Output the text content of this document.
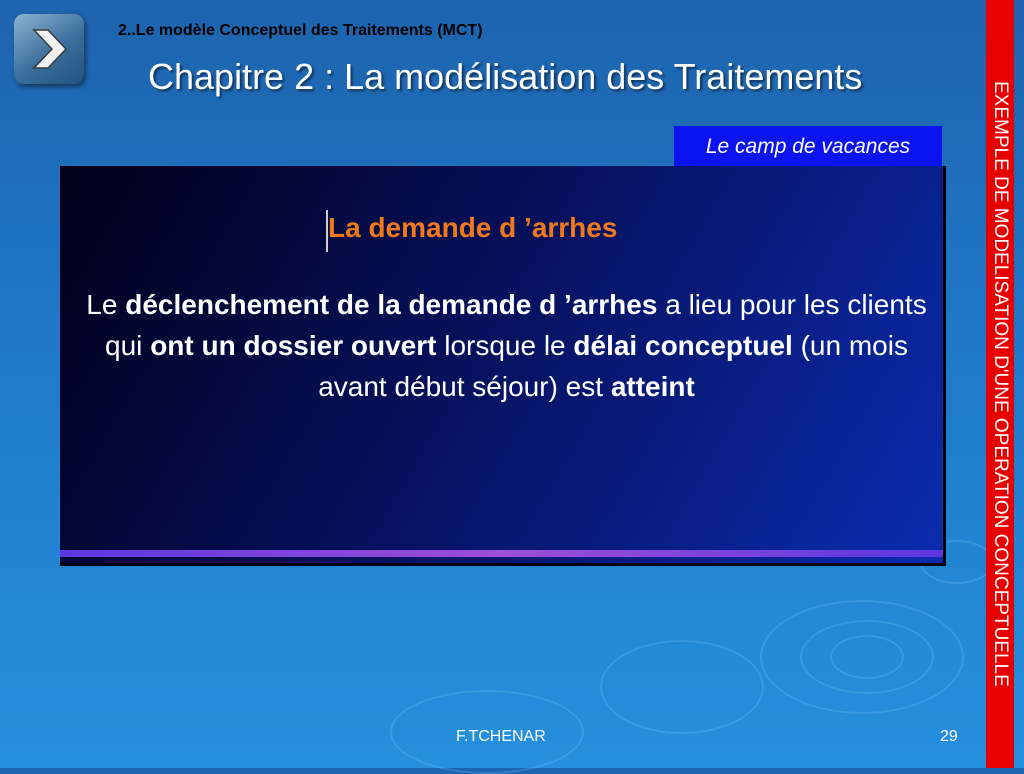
2..Le modèle Conceptuel des Traitements (MCT)
Chapitre 2 : La modélisation des Traitements
Le camp de vacances
La demande d ’arrhes
Le déclenchement de la demande d ’arrhes a lieu pour les clients qui ont un dossier ouvert lorsque le délai conceptuel (un mois avant début séjour) est atteint	EXEMPLE DE MODELISATION D'UNE OPERATION CONCEPTUELLE
F.TCHENAR	29
